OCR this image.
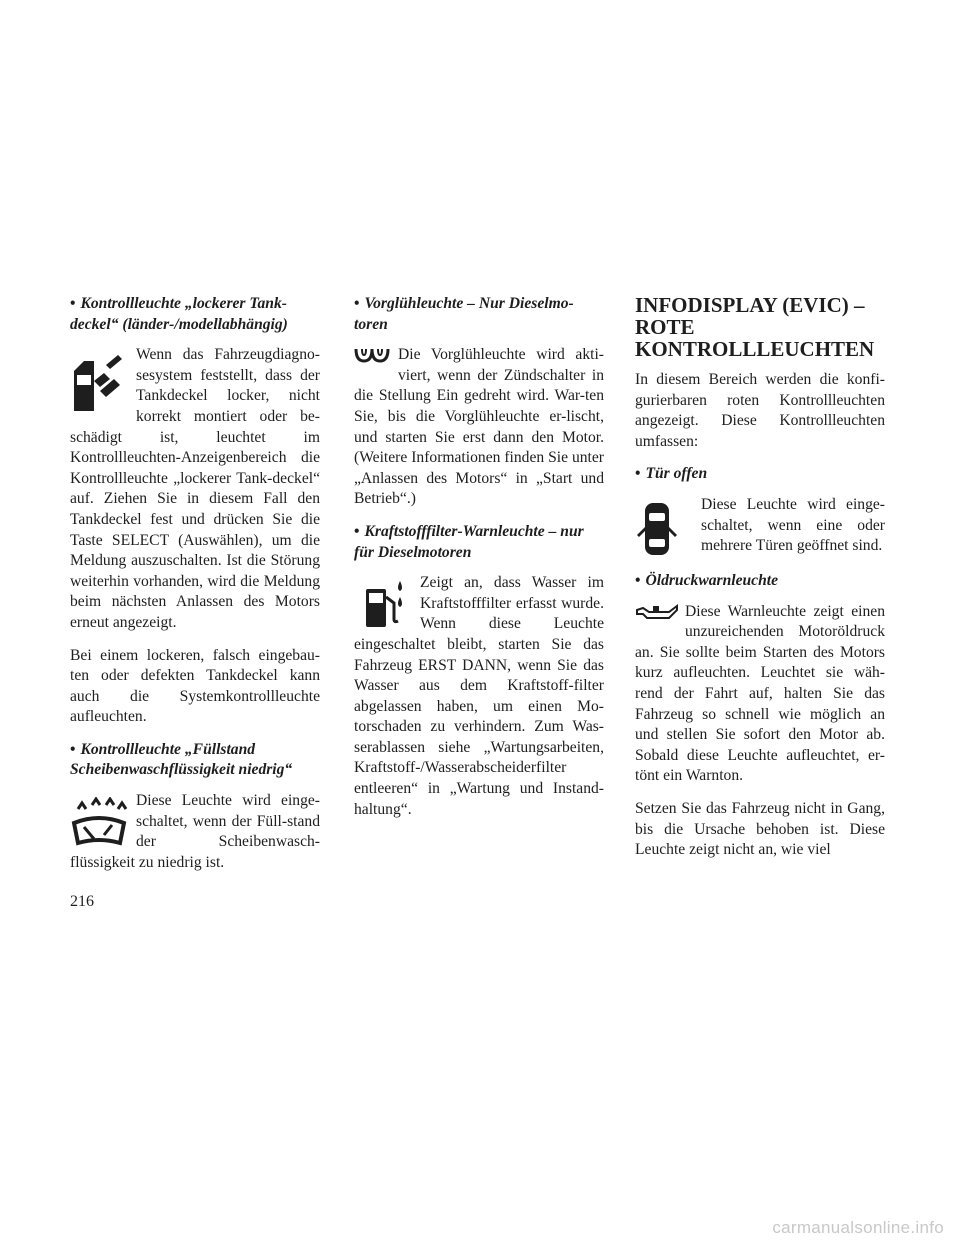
• Kontrollleuchte „lockerer Tank-deckel“ (länder-/modellabhängig)

Wenn das Fahrzeugdiagno-sesystem feststellt, dass der Tankdeckel locker, nicht korrekt montiert oder be-schädigt ist, leuchtet im Kontrollleuchten-Anzeigenbereich die Kontrollleuchte „lockerer Tank-deckel“ auf. Ziehen Sie in diesem Fall den Tankdeckel fest und drücken Sie die Taste SELECT (Auswählen), um die Meldung auszuschalten. Ist die Störung weiterhin vorhanden, wird die Meldung beim nächsten Anlassen des Motors erneut angezeigt.

Bei einem lockeren, falsch eingebau-ten oder defekten Tankdeckel kann auch die Systemkontrollleuchte aufleuchten.

• Kontrollleuchte „Füllstand Scheibenwaschflüssigkeit niedrig“

Diese Leuchte wird einge-schaltet, wenn der Füll-stand der Scheibenwasch-flüssigkeit zu niedrig ist.

• Vorglühleuchte – Nur Dieselmo-toren

Die Vorglühleuchte wird akti-viert, wenn der Zündschalter in die Stellung Ein gedreht wird. War-ten Sie, bis die Vorglühleuchte er-lischt, und starten Sie erst dann den Motor. (Weitere Informationen finden Sie unter „Anlassen des Motors“ in „Start und Betrieb“.)

• Kraftstofffilter-Warnleuchte – nur für Dieselmotoren

Zeigt an, dass Wasser im Kraftstofffilter erfasst wurde. Wenn diese Leuchte eingeschaltet bleibt, starten Sie das Fahrzeug ERST DANN, wenn Sie das Wasser aus dem Kraftstoff-filter abgelassen haben, um einen Mo-torschaden zu verhindern. Zum Was-serablassen siehe „Wartungsarbeiten, Kraftstoff-/Wasserabscheiderfilter entleeren“ in „Wartung und Instand-haltung“.

INFODISPLAY (EVIC) – ROTE KONTROLLLEUCHTEN

In diesem Bereich werden die konfi-gurierbaren roten Kontrollleuchten angezeigt. Diese Kontrollleuchten umfassen:

• Tür offen
Diese Leuchte wird einge-schaltet, wenn eine oder mehrere Türen geöffnet sind.
• Öldruckwarnleuchte

Diese Warnleuchte zeigt einen unzureichenden Motoröldruck an. Sie sollte beim Starten des Motors kurz aufleuchten. Leuchtet sie wäh-rend der Fahrt auf, halten Sie das Fahrzeug so schnell wie möglich an und stellen Sie sofort den Motor ab. Sobald diese Leuchte aufleuchtet, er-tönt ein Warnton.

Setzen Sie das Fahrzeug nicht in Gang, bis die Ursache behoben ist. Diese Leuchte zeigt nicht an, wie viel

216
carmanualsonline.info
